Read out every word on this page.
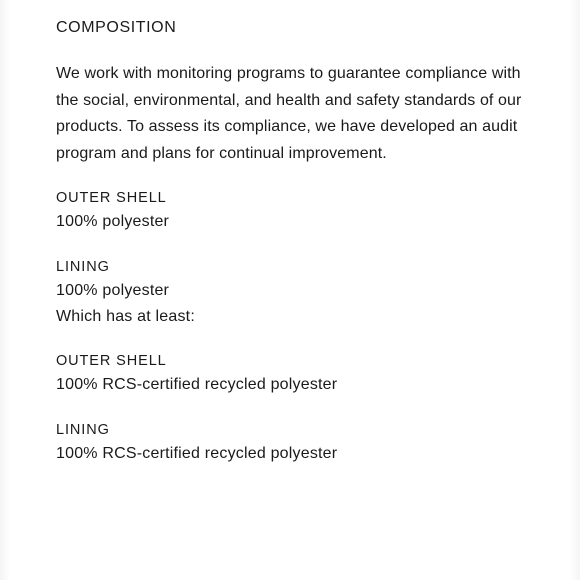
COMPOSITION

We work with monitoring programs to guarantee compliance with the social, environmental, and health and safety standards of our products. To assess its compliance, we have developed an audit program and plans for continual improvement.

OUTER SHELL

100% polyester

LINING

100% polyester

Which has at least:

OUTER SHELL

100% RCS-certified recycled polyester

LINING

100% RCS-certified recycled polyester
